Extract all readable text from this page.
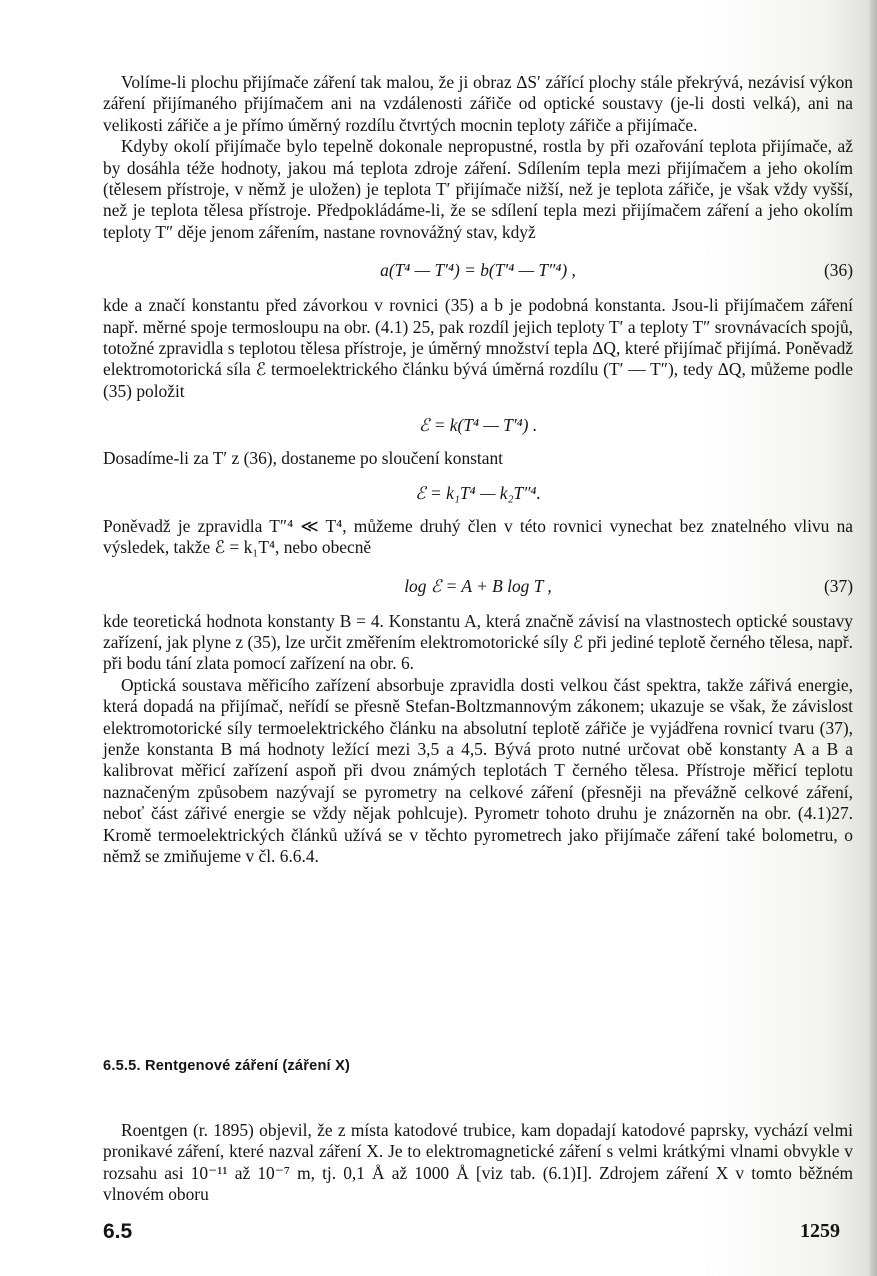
Volíme-li plochu přijímače záření tak malou, že ji obraz ΔS′ zářící plochy stále překrývá, nezávisí výkon záření přijímaného přijímačem ani na vzdálenosti zářiče od optické soustavy (je-li dosti velká), ani na velikosti zářiče a je přímo úměrný rozdílu čtvrtých mocnin teploty zářiče a přijímače.

Kdyby okolí přijímače bylo tepelně dokonale nepropustné, rostla by při ozařování teplota přijímače, až by dosáhla téže hodnoty, jakou má teplota zdroje záření. Sdílením tepla mezi přijímačem a jeho okolím (tělesem přístroje, v němž je uložen) je teplota T′ přijímače nižší, než je teplota zářiče, je však vždy vyšší, než je teplota tělesa přístroje. Předpokládáme-li, že se sdílení tepla mezi přijímačem záření a jeho okolím teploty T″ děje jenom zářením, nastane rovnovážný stav, když

a(T⁴ — T′⁴) = b(T′⁴ — T″⁴) ,	(36)

kde a značí konstantu před závorkou v rovnici (35) a b je podobná konstanta. Jsou-li přijímačem záření např. měrné spoje termosloupu na obr. (4.1) 25, pak rozdíl jejich teploty T′ a teploty T″ srovnávacích spojů, totožné zpravidla s teplotou tělesa přístroje, je úměrný množství tepla ΔQ, které přijímač přijímá. Poněvadž elektromotorická síla ℰ termoelektrického článku bývá úměrná rozdílu (T′ — T″), tedy ΔQ, můžeme podle (35) položit

ℰ = k(T⁴ — T′⁴) .

Dosadíme-li za T′ z (36), dostaneme po sloučení konstant

ℰ = k₁T⁴ — k₂T″⁴.

Poněvadž je zpravidla T″⁴ ≪ T⁴, můžeme druhý člen v této rovnici vynechat bez znatelného vlivu na výsledek, takže ℰ = k₁T⁴, nebo obecně

log ℰ = A + B log T ,	(37)

kde teoretická hodnota konstanty B = 4. Konstantu A, která značně závisí na vlastnostech optické soustavy zařízení, jak plyne z (35), lze určit změřením elektromotorické síly ℰ při jediné teplotě černého tělesa, např. při bodu tání zlata pomocí zařízení na obr. 6.

Optická soustava měřicího zařízení absorbuje zpravidla dosti velkou část spektra, takže zářivá energie, která dopadá na přijímač, neřídí se přesně Stefan-Boltzmannovým zákonem; ukazuje se však, že závislost elektromotorické síly termoelektrického článku na absolutní teplotě zářiče je vyjádřena rovnicí tvaru (37), jenže konstanta B má hodnoty ležící mezi 3,5 a 4,5. Bývá proto nutné určovat obě konstanty A a B a kalibrovat měřicí zařízení aspoň při dvou známých teplotách T černého tělesa. Přístroje měřicí teplotu naznačeným způsobem nazývají se pyrometry na celkové záření (přesněji na převážně celkové záření, neboť část zářivé energie se vždy nějak pohlcuje). Pyrometr tohoto druhu je znázorněn na obr. (4.1)27. Kromě termoelektrických článků užívá se v těchto pyrometrech jako přijímače záření také bolometru, o němž se zmiňujeme v čl. 6.6.4.

6.5.5. Rentgenové záření (záření X)

Roentgen (r. 1895) objevil, že z místa katodové trubice, kam dopadají katodové paprsky, vychází velmi pronikavé záření, které nazval záření X. Je to elektromagnetické záření s velmi krátkými vlnami obvykle v rozsahu asi 10⁻¹¹ až 10⁻⁷ m, tj. 0,1 Å až 1000 Å [viz tab. (6.1)I]. Zdrojem záření X v tomto běžném vlnovém oboru

6.5	1259
